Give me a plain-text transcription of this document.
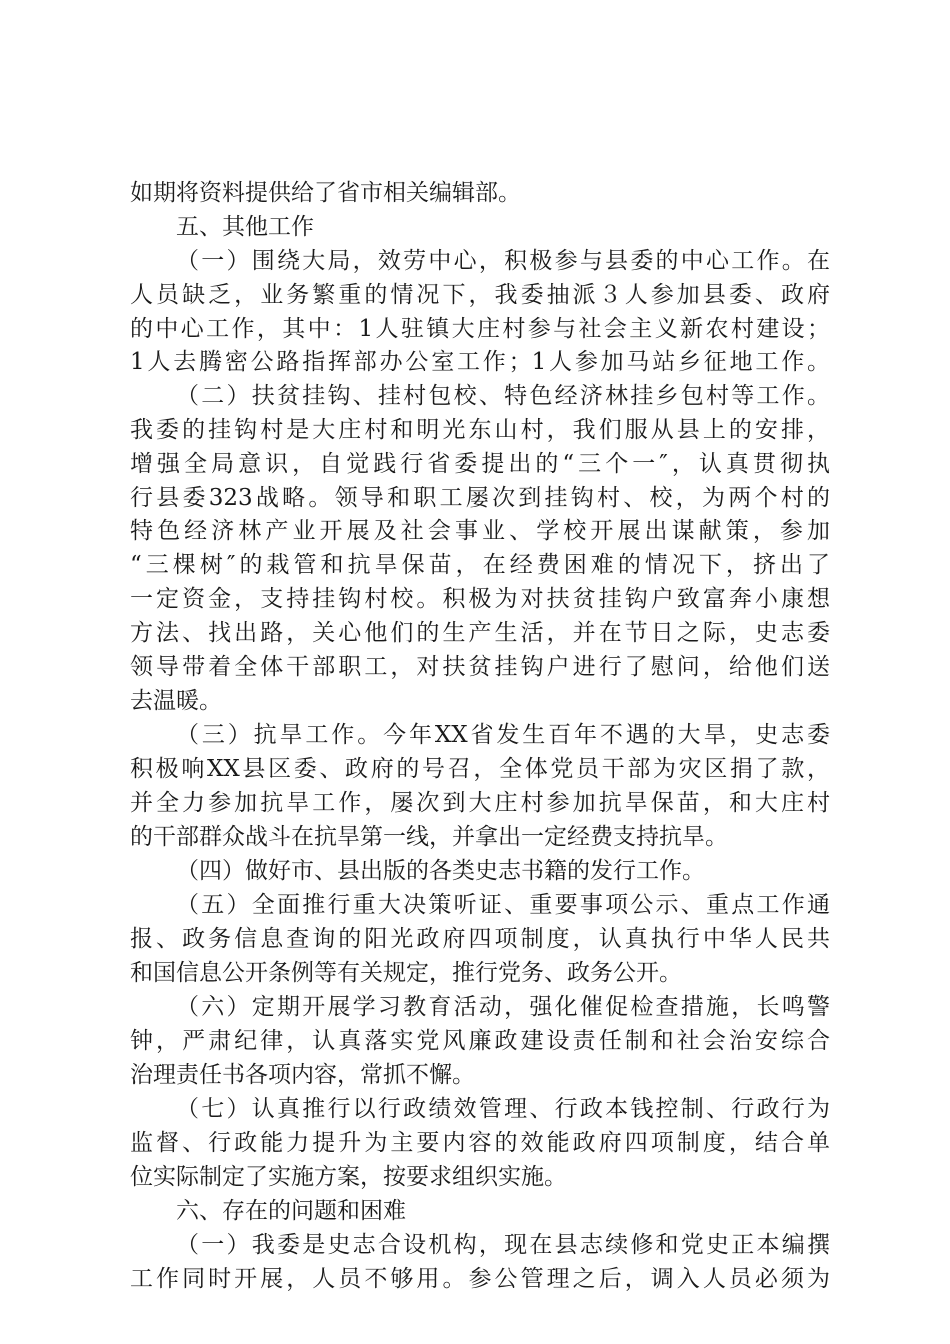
如期将资料提供给了省市相关编辑部。
五、其他工作
（一）围绕大局，效劳中心，积极参与县委的中心工作。在
人员缺乏，业务繁重的情况下，我委抽派３人参加县委、政府
的中心工作，其中：1人驻镇大庄村参与社会主义新农村建设；
1人去腾密公路指挥部办公室工作；1人参加马站乡征地工作。
（二）扶贫挂钩、挂村包校、特色经济林挂乡包村等工作。
我委的挂钩村是大庄村和明光东山村，我们服从县上的安排，
增强全局意识，自觉践行省委提出的“三个一″，认真贯彻执
行县委323战略。领导和职工屡次到挂钩村、校，为两个村的
特色经济林产业开展及社会事业、学校开展出谋献策，参加
“三棵树″的栽管和抗旱保苗，在经费困难的情况下，挤出了
一定资金，支持挂钩村校。积极为对扶贫挂钩户致富奔小康想
方法、找出路，关心他们的生产生活，并在节日之际，史志委
领导带着全体干部职工，对扶贫挂钩户进行了慰问，给他们送
去温暖。
（三）抗旱工作。今年XX省发生百年不遇的大旱，史志委
积极响XX县区委、政府的号召，全体党员干部为灾区捐了款，
并全力参加抗旱工作，屡次到大庄村参加抗旱保苗，和大庄村
的干部群众战斗在抗旱第一线，并拿出一定经费支持抗旱。
（四）做好市、县出版的各类史志书籍的发行工作。
（五）全面推行重大决策听证、重要事项公示、重点工作通
报、政务信息查询的阳光政府四项制度，认真执行中华人民共
和国信息公开条例等有关规定，推行党务、政务公开。
（六）定期开展学习教育活动，强化催促检查措施，长鸣警
钟，严肃纪律，认真落实党风廉政建设责任制和社会治安综合
治理责任书各项内容，常抓不懈。
（七）认真推行以行政绩效管理、行政本钱控制、行政行为
监督、行政能力提升为主要内容的效能政府四项制度，结合单
位实际制定了实施方案，按要求组织实施。
六、存在的问题和困难
（一）我委是史志合设机构，现在县志续修和党史正本编撰
工作同时开展，人员不够用。参公管理之后，调入人员必须为
